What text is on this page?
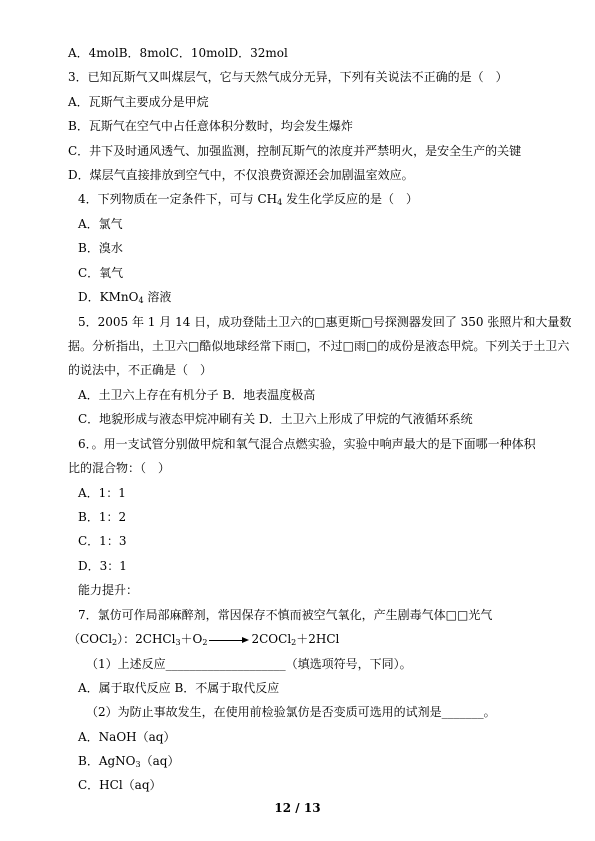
A．4molB．8molC．10molD．32mol
3．已知瓦斯气又叫煤层气，它与天然气成分无异，下列有关说法不正确的是（　）
A．瓦斯气主要成分是甲烷
B．瓦斯气在空气中占任意体积分数时，均会发生爆炸
C．井下及时通风透气、加强监测，控制瓦斯气的浓度并严禁明火，是安全生产的关键
D．煤层气直接排放到空气中，不仅浪费资源还会加剧温室效应。
4．下列物质在一定条件下，可与 $CH_4$ 发生化学反应的是（　）
A．氯气
B．溴水
C．氧气
D．KMnO$_4$ 溶液
5．2005 年 1 月 14 日，成功登陆土卫六的□惠更斯□号探测器发回了 350 张照片和大量数
据。分析指出，土卫六□酷似地球经常下雨□，不过□雨□的成份是液态甲烷。下列关于土卫六
的说法中，不正确是（　）
A．土卫六上存在有机分子 B．地表温度极高
C．地貌形成与液态甲烷冲刷有关 D．土卫六上形成了甲烷的气液循环系统
6．。用一支试管分别做甲烷和氧气混合点燃实验，实验中响声最大的是下面哪一种体积
比的混合物：（　）
A．1：1
B．1：2
C．1：3
D．3：1
能力提升：
7．氯仿可作局部麻醉剂，常因保存不慎而被空气氧化，产生剧毒气体□□光气
（COCl$_2$）：$2CHCl_3+O_2$	2COCl$_2$＋2HCl
（1）上述反应____________________（填选项符号，下同）。
A．属于取代反应 B．不属于取代反应
（2）为防止事故发生，在使用前检验氯仿是否变质可选用的试剂是_______。
A．NaOH（aq）
B．AgNO$_3$（aq）
C．HCl（aq）
12 / 13
